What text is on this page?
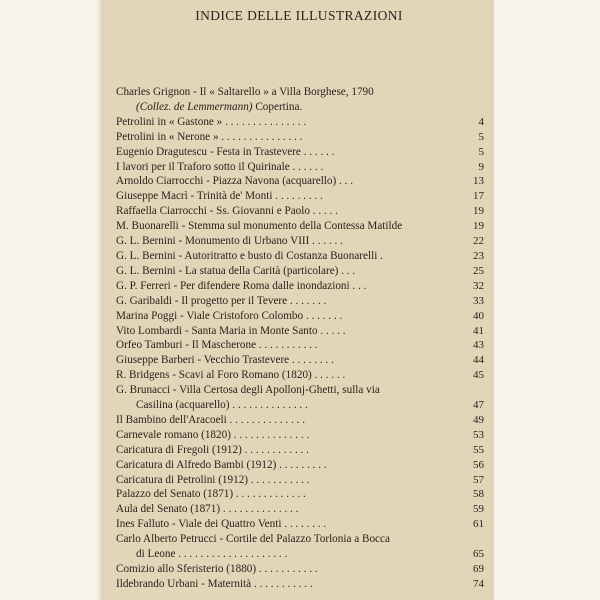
INDICE DELLE ILLUSTRAZIONI
Charles Grignon - Il « Saltarello » a Villa Borghese, 1790
(Collez. de Lemmermann) Copertina.
Petrolini in « Gastone » . . . . . . . . . . . . . . .	4
Petrolini in « Nerone » . . . . . . . . . . . . . . .	5
Eugenio Dragutescu - Festa in Trastevere . . . . . .	5
I lavori per il Traforo sotto il Quirinale . . . . . .	9
Arnoldo Ciarrocchi - Piazza Navona (acquarello) . . .	13
Giuseppe Macrì - Trinità de' Monti . . . . . . . . .	17
Raffaella Ciarrocchi - Ss. Giovanni e Paolo . . . . .	19
M. Buonarelli - Stemma sul monumento della Contessa Matilde	19
G. L. Bernini - Monumento di Urbano VIII . . . . . .	22
G. L. Bernini - Autoritratto e busto di Costanza Buonarelli .	23
G. L. Bernini - La statua della Carità (particolare) . . .	25
G. P. Ferreri - Per difendere Roma dalle inondazioni . . .	32
G. Garibaldi - Il progetto per il Tevere . . . . . . .	33
Marina Poggi - Viale Cristoforo Colombo . . . . . . .	40
Vito Lombardi - Santa Maria in Monte Santo . . . . .	41
Orfeo Tamburi - Il Mascherone . . . . . . . . . . .	43
Giuseppe Barberi - Vecchio Trastevere . . . . . . . .	44
R. Bridgens - Scavi al Foro Romano (1820) . . . . . .	45
G. Brunacci - Villa Certosa degli Apollonj-Ghetti, sulla via
Casilina (acquarello) . . . . . . . . . . . . . .	47
Il Bambino dell'Aracoeli . . . . . . . . . . . . . .	49
Carnevale romano (1820) . . . . . . . . . . . . . .	53
Caricatura di Fregoli (1912) . . . . . . . . . . . .	55
Caricatura di Alfredo Bambi (1912) . . . . . . . . .	56
Caricatura di Petrolini (1912) . . . . . . . . . . .	57
Palazzo del Senato (1871) . . . . . . . . . . . . .	58
Aula del Senato (1871) . . . . . . . . . . . . . .	59
Ines Falluto - Viale dei Quattro Venti . . . . . . . .	61
Carlo Alberto Petrucci - Cortile del Palazzo Torlonia a Bocca
di Leone . . . . . . . . . . . . . . . . . . . .	65
Comizio allo Sferisterio (1880) . . . . . . . . . . .	69
Ildebrando Urbani - Maternità . . . . . . . . . . .	74
